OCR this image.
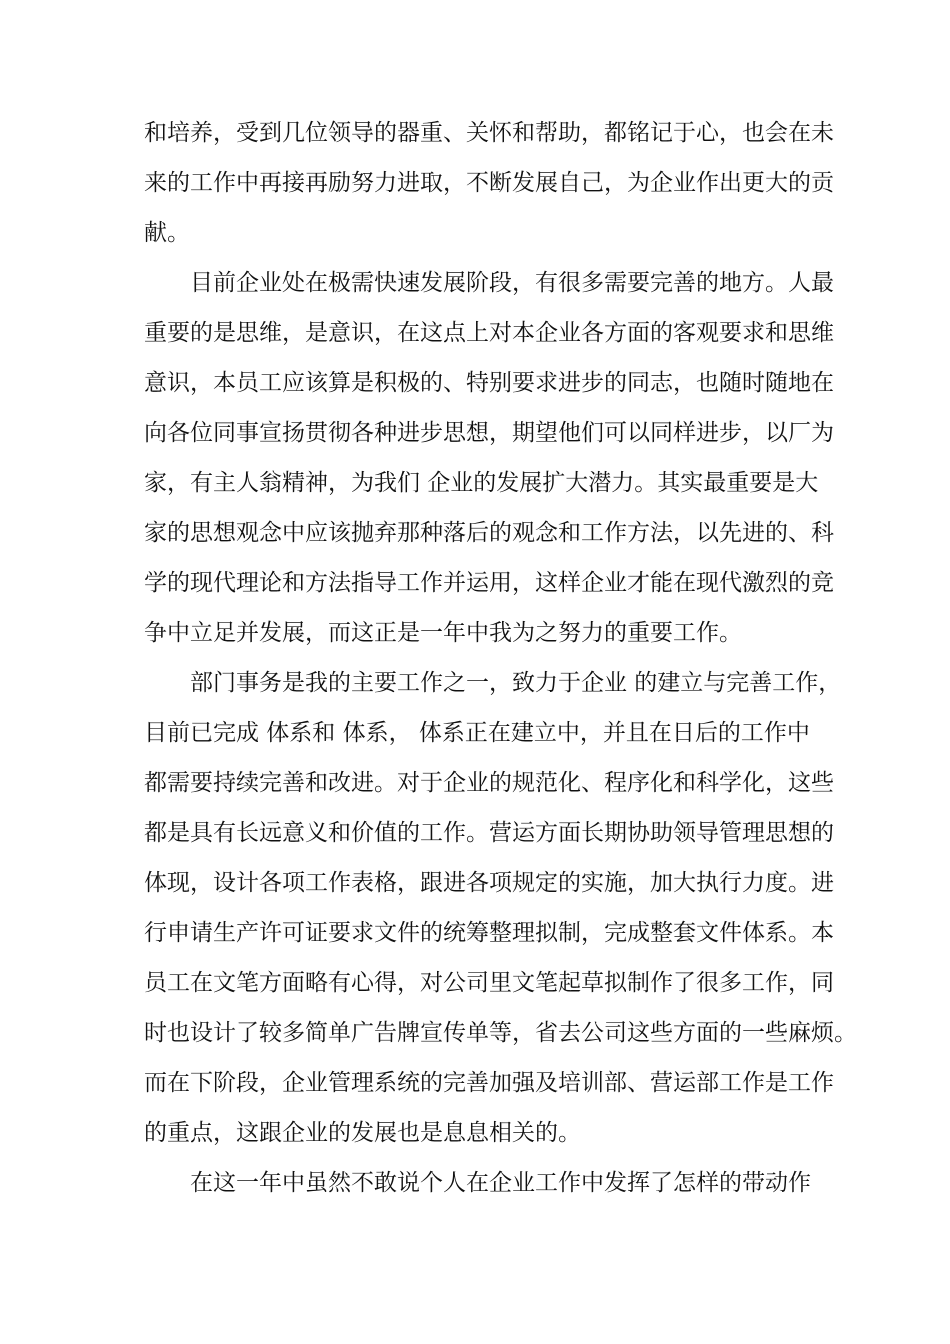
和培养，受到几位领导的器重、关怀和帮助，都铭记于心，也会在未
来的工作中再接再励努力进取，不断发展自己，为企业作出更大的贡
献。
目前企业处在极需快速发展阶段，有很多需要完善的地方。人最
重要的是思维，是意识，在这点上对本企业各方面的客观要求和思维
意识，本员工应该算是积极的、特别要求进步的同志，也随时随地在
向各位同事宣扬贯彻各种进步思想，期望他们可以同样进步，以厂为
家，有主人翁精神，为我们 企业的发展扩大潜力。其实最重要是大
家的思想观念中应该抛弃那种落后的观念和工作方法，以先进的、科
学的现代理论和方法指导工作并运用，这样企业才能在现代激烈的竞
争中立足并发展，而这正是一年中我为之努力的重要工作。
部门事务是我的主要工作之一，致力于企业 的建立与完善工作，
目前已完成 体系和 体系， 体系正在建立中，并且在日后的工作中
都需要持续完善和改进。对于企业的规范化、程序化和科学化，这些
都是具有长远意义和价值的工作。营运方面长期协助领导管理思想的
体现，设计各项工作表格，跟进各项规定的实施，加大执行力度。进
行申请生产许可证要求文件的统筹整理拟制，完成整套文件体系。本
员工在文笔方面略有心得，对公司里文笔起草拟制作了很多工作，同
时也设计了较多简单广告牌宣传单等，省去公司这些方面的一些麻烦。
而在下阶段，企业管理系统的完善加强及培训部、营运部工作是工作
的重点，这跟企业的发展也是息息相关的。
在这一年中虽然不敢说个人在企业工作中发挥了怎样的带动作
